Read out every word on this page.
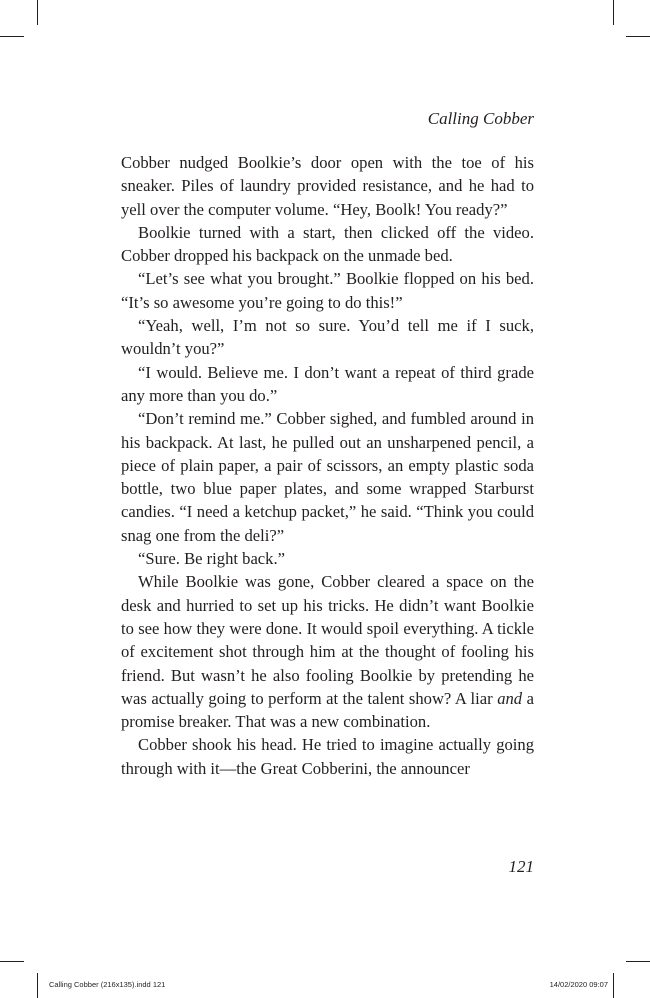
Calling Cobber

Cobber nudged Boolkie’s door open with the toe of his sneaker. Piles of laundry provided resistance, and he had to yell over the computer volume. “Hey, Boolk! You ready?”

Boolkie turned with a start, then clicked off the video. Cobber dropped his backpack on the unmade bed.

“Let’s see what you brought.” Boolkie flopped on his bed. “It’s so awesome you’re going to do this!”

“Yeah, well, I’m not so sure. You’d tell me if I suck, wouldn’t you?”

“I would. Believe me. I don’t want a repeat of third grade any more than you do.”

“Don’t remind me.” Cobber sighed, and fumbled around in his backpack. At last, he pulled out an unsharpened pencil, a piece of plain paper, a pair of scissors, an empty plastic soda bottle, two blue paper plates, and some wrapped Starburst candies. “I need a ketchup packet,” he said. “Think you could snag one from the deli?”

“Sure. Be right back.”

While Boolkie was gone, Cobber cleared a space on the desk and hurried to set up his tricks. He didn’t want Boolkie to see how they were done. It would spoil everything. A tickle of excitement shot through him at the thought of fooling his friend. But wasn’t he also fooling Boolkie by pretending he was actually going to perform at the talent show? A liar and a promise breaker. That was a new combination.

Cobber shook his head. He tried to imagine actually going through with it—the Great Cobberini, the announcer

121
Calling Cobber (216x135).indd 121	14/02/2020 09:07
